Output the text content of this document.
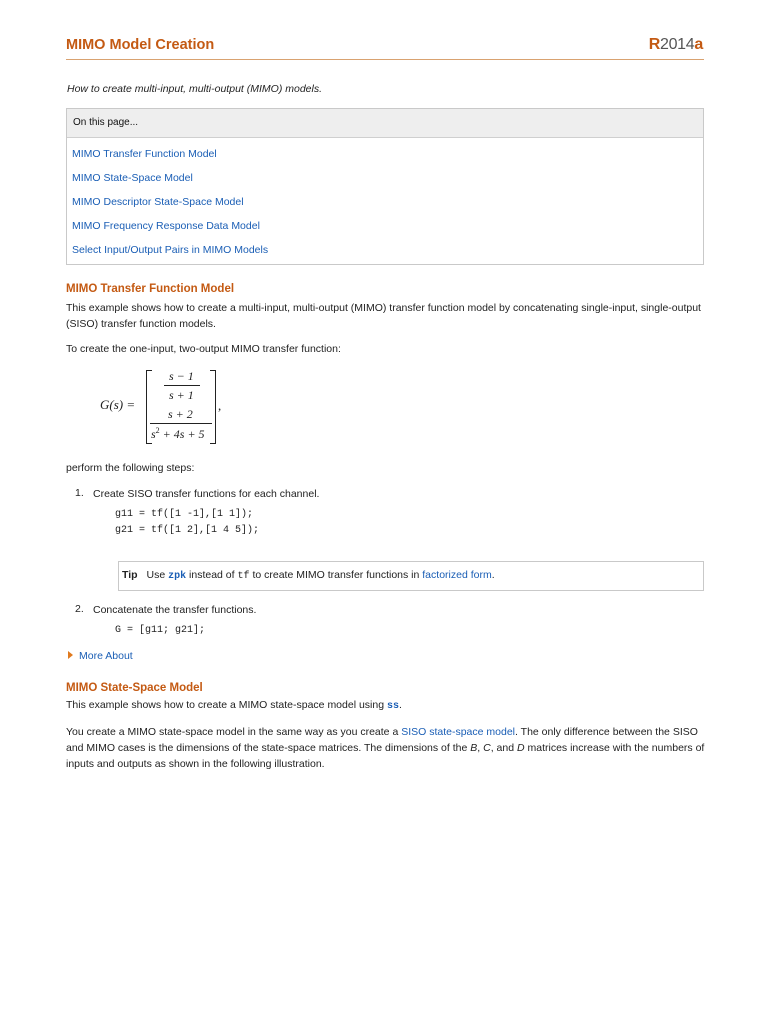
MIMO Model Creation	R2014a
How to create multi-input, multi-output (MIMO) models.
On this page...
MIMO Transfer Function Model
MIMO State-Space Model
MIMO Descriptor State-Space Model
MIMO Frequency Response Data Model
Select Input/Output Pairs in MIMO Models
MIMO Transfer Function Model
This example shows how to create a multi-input, multi-output (MIMO) transfer function model by concatenating single-input, single-output (SISO) transfer function models.
To create the one-input, two-output MIMO transfer function:
G(s) =
s − 1
s + 1
s + 2
$s^2 + 4s + 5$
,
perform the following steps:
1. Create SISO transfer functions for each channel.
g11 = tf([1 -1],[1 1]);
g21 = tf([1 2],[1 4 5]);
Tip Use zpk instead of tf to create MIMO transfer functions in factorized form.
2. Concatenate the transfer functions.
G = [g11; g21];
More About
MIMO State-Space Model
This example shows how to create a MIMO state-space model using ss.
You create a MIMO state-space model in the same way as you create a SISO state-space model. The only difference between the SISO and MIMO cases is the dimensions of the state-space matrices. The dimensions of the B, C, and D matrices increase with the numbers of inputs and outputs as shown in the following illustration.
